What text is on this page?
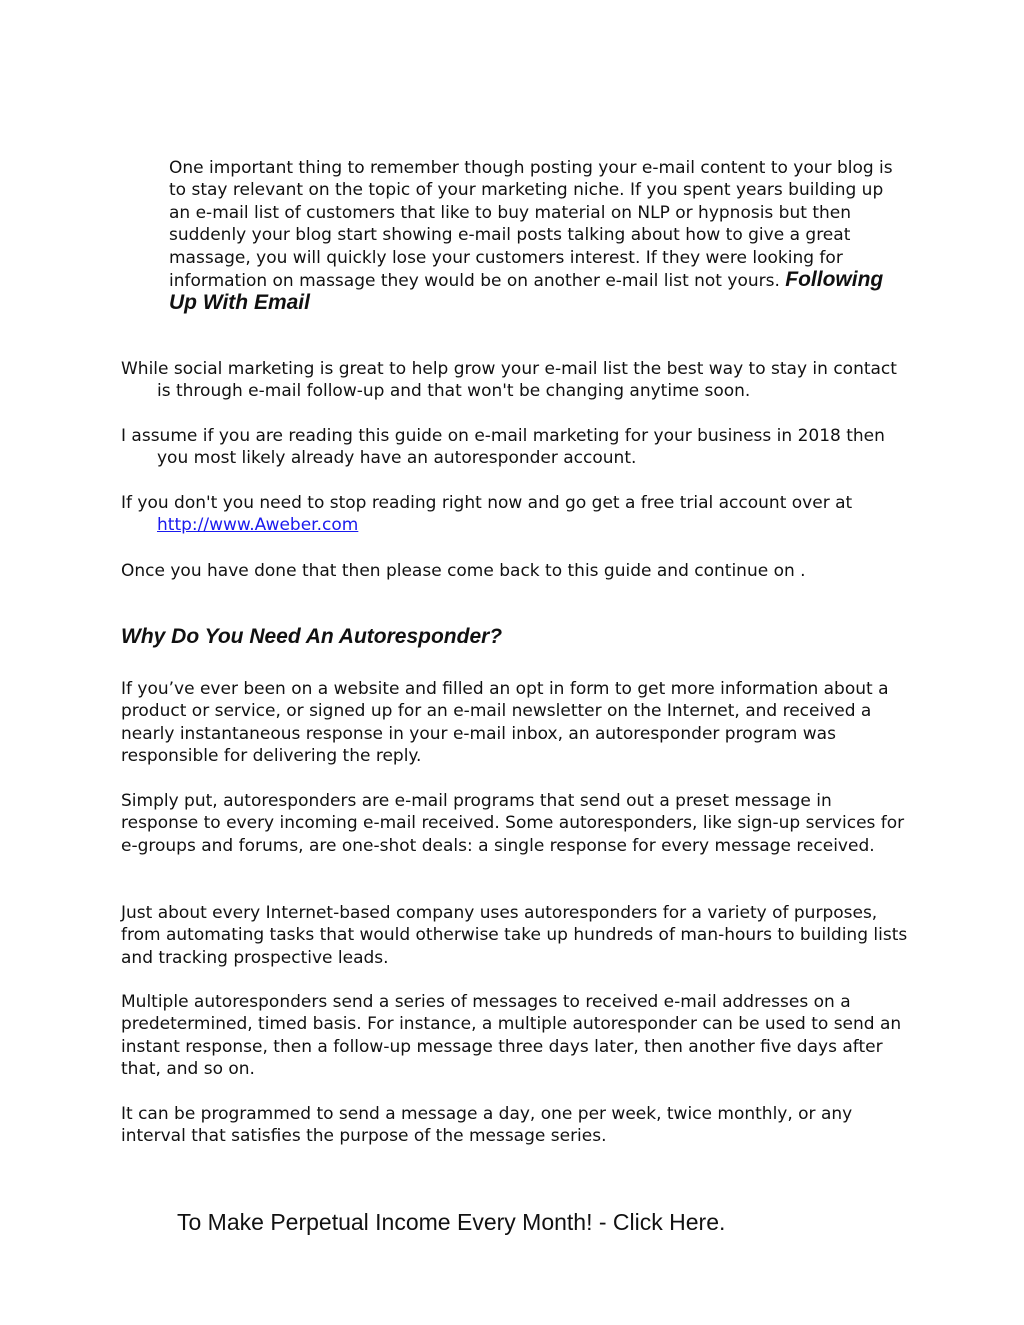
One important thing to remember though posting your e-mail content to your blog is to stay relevant on the topic of your marketing niche. If you spent years building up an e-mail list of customers that like to buy material on NLP or hypnosis but then suddenly your blog start showing e-mail posts talking about how to give a great massage, you will quickly lose your customers interest. If they were looking for information on massage they would be on another e-mail list not yours. Following Up With Email

While social marketing is great to help grow your e-mail list the best way to stay in contact is through e-mail follow-up and that won't be changing anytime soon.

I assume if you are reading this guide on e-mail marketing for your business in 2018 then you most likely already have an autoresponder account.

If you don't you need to stop reading right now and go get a free trial account over at http://www.Aweber.com

Once you have done that then please come back to this guide and continue on .

Why Do You Need An Autoresponder?

If you’ve ever been on a website and filled an opt in form to get more information about a product or service, or signed up for an e-mail newsletter on the Internet, and received a nearly instantaneous response in your e-mail inbox, an autoresponder program was responsible for delivering the reply.

Simply put, autoresponders are e-mail programs that send out a preset message in response to every incoming e-mail received. Some autoresponders, like sign-up services for e-groups and forums, are one-shot deals: a single response for every message received.

Just about every Internet-based company uses autoresponders for a variety of purposes, from automating tasks that would otherwise take up hundreds of man-hours to building lists and tracking prospective leads.

Multiple autoresponders send a series of messages to received e-mail addresses on a predetermined, timed basis. For instance, a multiple autoresponder can be used to send an instant response, then a follow-up message three days later, then another five days after that, and so on.

It can be programmed to send a message a day, one per week, twice monthly, or any interval that satisfies the purpose of the message series.

To Make Perpetual Income Every Month! - Click Here.
